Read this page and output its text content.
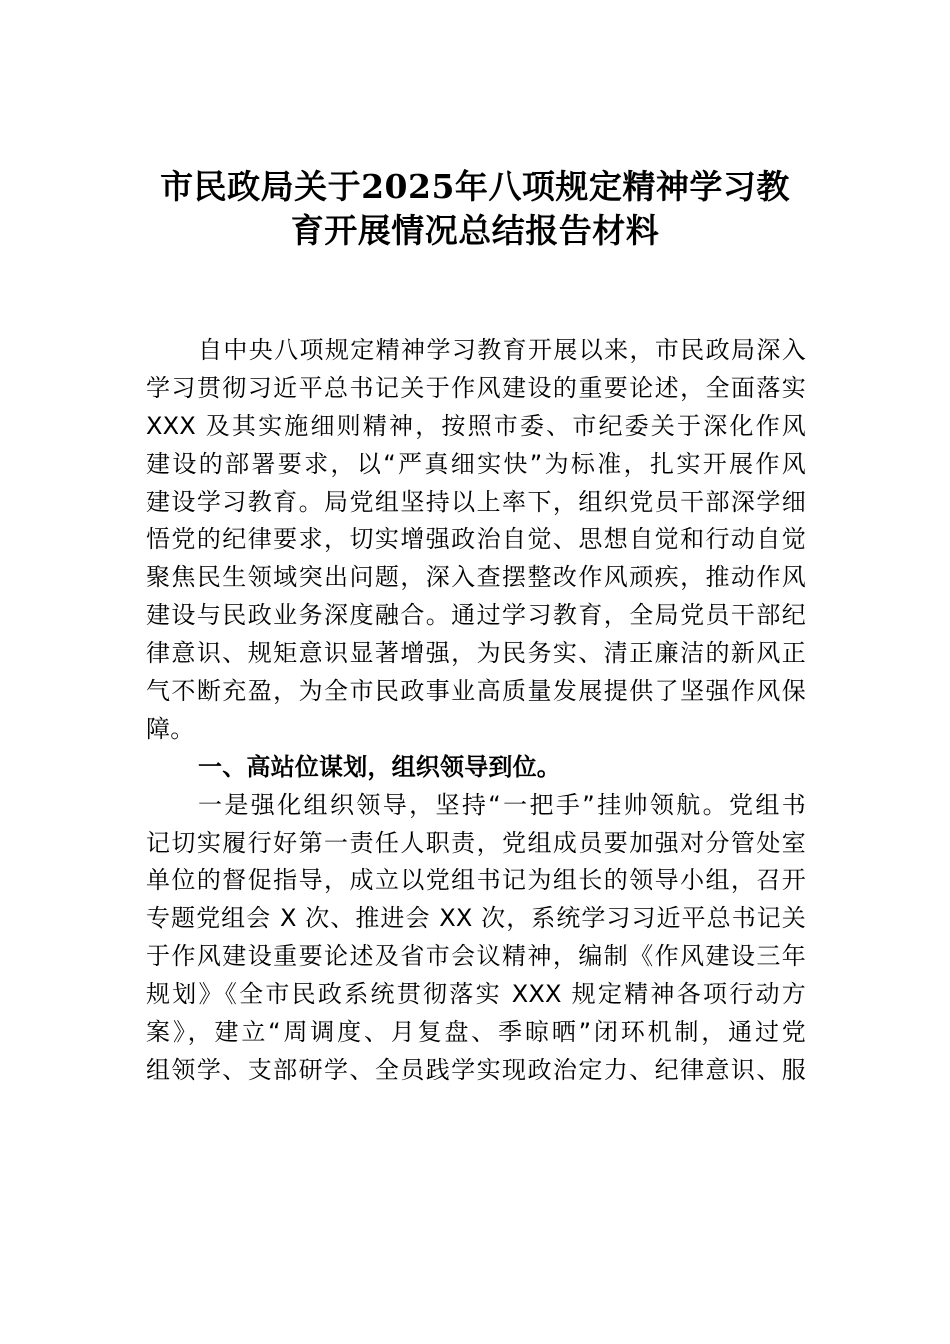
市民政局关于2025年八项规定精神学习教
育开展情况总结报告材料
自中央八项规定精神学习教育开展以来，市民政局深入
学习贯彻习近平总书记关于作风建设的重要论述，全面落实
XXX 及其实施细则精神，按照市委、市纪委关于深化作风
建设的部署要求，以“严真细实快”为标准，扎实开展作风
建设学习教育。局党组坚持以上率下，组织党员干部深学细
悟党的纪律要求，切实增强政治自觉、思想自觉和行动自觉
聚焦民生领域突出问题，深入查摆整改作风顽疾，推动作风
建设与民政业务深度融合。通过学习教育，全局党员干部纪
律意识、规矩意识显著增强，为民务实、清正廉洁的新风正
气不断充盈，为全市民政事业高质量发展提供了坚强作风保
障。
一、高站位谋划，组织领导到位。
一是强化组织领导，坚持“一把手”挂帅领航。党组书
记切实履行好第一责任人职责，党组成员要加强对分管处室
单位的督促指导，成立以党组书记为组长的领导小组，召开
专题党组会 X 次、推进会 XX 次，系统学习习近平总书记关
于作风建设重要论述及省市会议精神，编制《作风建设三年
规划》《全市民政系统贯彻落实 XXX 规定精神各项行动方
案》，建立“周调度、月复盘、季晾晒”闭环机制，通过党
组领学、支部研学、全员践学实现政治定力、纪律意识、服
